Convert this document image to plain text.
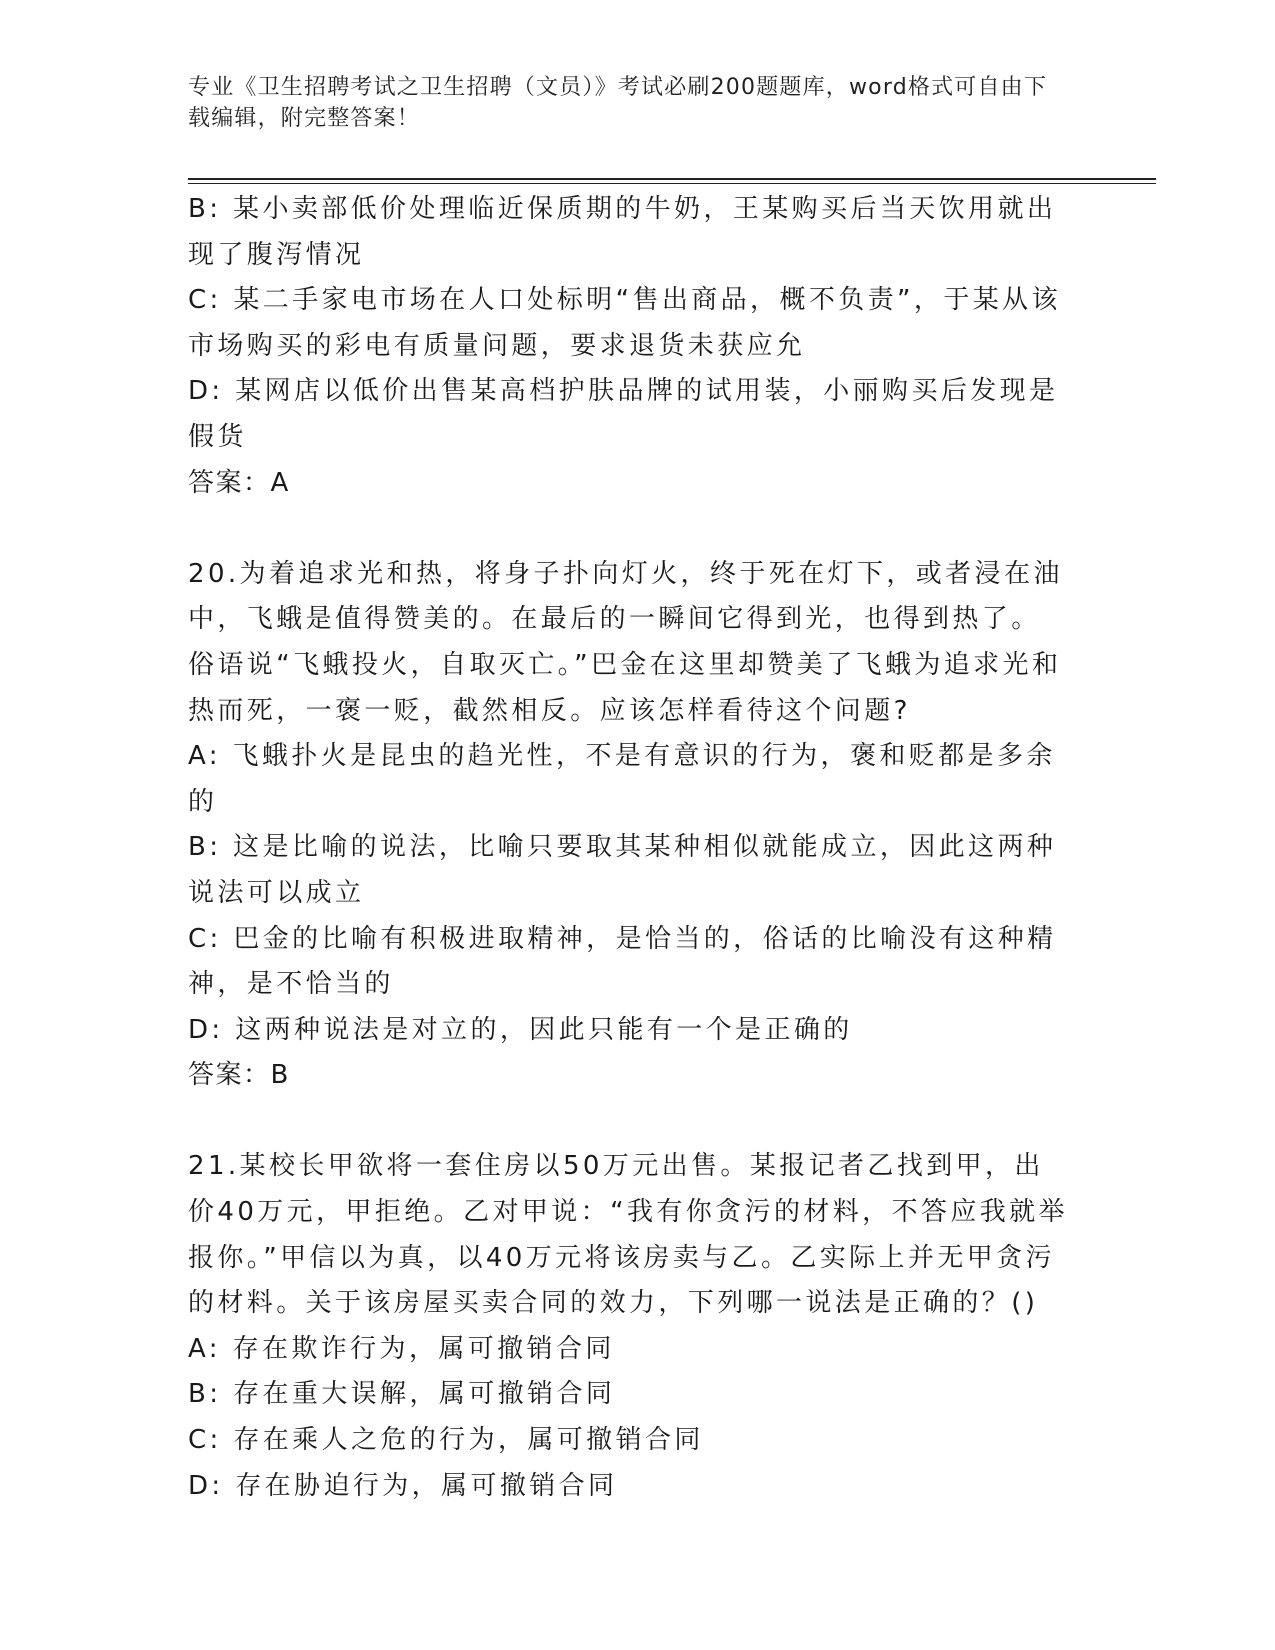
专业《卫生招聘考试之卫生招聘（文员）》考试必刷200题题库，word格式可自由下载编辑，附完整答案！

B: 某小卖部低价处理临近保质期的牛奶，王某购买后当天饮用就出现了腹泻情况

C: 某二手家电市场在人口处标明“售出商品，概不负责”，于某从该市场购买的彩电有质量问题，要求退货未获应允

D: 某网店以低价出售某高档护肤品牌的试用装，小丽购买后发现是假货

答案：A

20.为着追求光和热，将身子扑向灯火，终于死在灯下，或者浸在油中，飞蛾是值得赞美的。在最后的一瞬间它得到光，也得到热了。俗语说“飞蛾投火，自取灭亡。”巴金在这里却赞美了飞蛾为追求光和热而死，一褒一贬，截然相反。应该怎样看待这个问题?

A: 飞蛾扑火是昆虫的趋光性，不是有意识的行为，褒和贬都是多余的

B: 这是比喻的说法，比喻只要取其某种相似就能成立，因此这两种说法可以成立

C: 巴金的比喻有积极进取精神，是恰当的，俗话的比喻没有这种精神，是不恰当的

D: 这两种说法是对立的，因此只能有一个是正确的

答案：B

21.某校长甲欲将一套住房以50万元出售。某报记者乙找到甲，出价40万元，甲拒绝。乙对甲说：“我有你贪污的材料，不答应我就举报你。”甲信以为真，以40万元将该房卖与乙。乙实际上并无甲贪污的材料。关于该房屋买卖合同的效力，下列哪一说法是正确的？()

A: 存在欺诈行为，属可撤销合同

B: 存在重大误解，属可撤销合同

C: 存在乘人之危的行为，属可撤销合同

D: 存在胁迫行为，属可撤销合同
